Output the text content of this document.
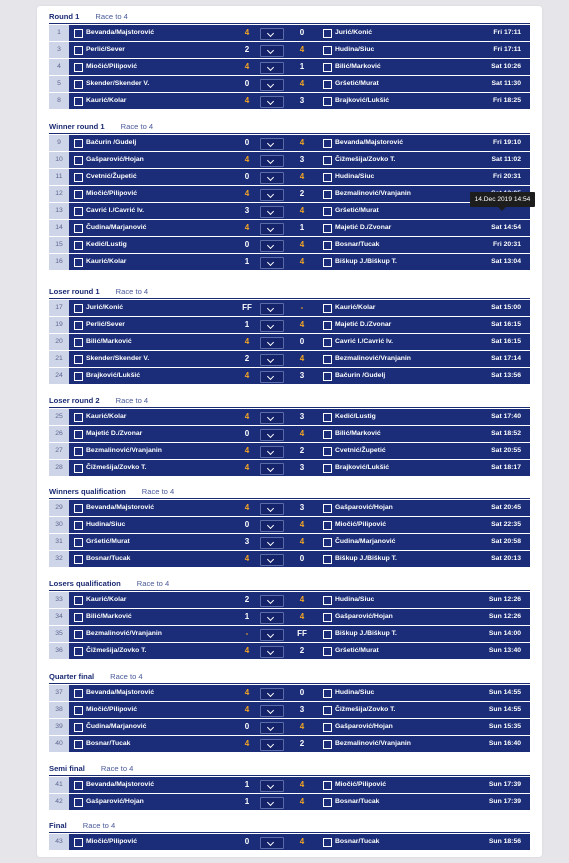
Round 1 Race to 4
1	Bevanda/Majstorović	4	0	Jurić/Konić	Fri 17:11
3	Perlić/Sever	2	4	Hudina/Siuc	Fri 17:11
4	Miočić/Pilipović	4	1	Bilić/Marković	Sat 10:26
5	Skender/Skender V.	0	4	Gršetić/Murat	Sat 11:30
8	Kaurić/Kolar	4	3	Brajković/Lukšić	Fri 18:25
Winner round 1 Race to 4
9	Bačurin /Gudelj	0	4	Bevanda/Majstorović	Fri 19:10
10	Gašparović/Hojan	4	3	Čižmešija/Zovko T.	Sat 11:02
11	Cvetnić/Župetić	0	4	Hudina/Siuc	Fri 20:31
12	Miočić/Pilipović	4	2	Bezmalinović/Vranjanin
13	Cavrić I./Cavrić Iv.	3	4	Gršetić/Murat
14	Čudina/Marjanović	4	1	Majetić D./Zvonar	Sat 14:54
15	Kedić/Lustig	0	4	Bosnar/Tucak	Fri 20:31
16	Kaurić/Kolar	1	4	Biškup J./Biškup T.	Sat 13:04
Loser round 1 Race to 4
17	Jurić/Konić	FF	-	Kaurić/Kolar	Sat 15:00
19	Perlić/Sever	1	4	Majetić D./Zvonar	Sat 16:15
20	Bilić/Marković	4	0	Cavrić I./Cavrić Iv.	Sat 16:15
21	Skender/Skender V.	2	4	Bezmalinović/Vranjanin	Sat 17:14
24	Brajković/Lukšić	4	3	Bačurin /Gudelj	Sat 13:56
Loser round 2 Race to 4
25	Kaurić/Kolar	4	3	Kedić/Lustig	Sat 17:40
26	Majetić D./Zvonar	0	4	Bilić/Marković	Sat 18:52
27	Bezmalinović/Vranjanin	4	2	Cvetnić/Župetić	Sat 20:55
28	Čižmešija/Zovko T.	4	3	Brajković/Lukšić	Sat 18:17
Winners qualification Race to 4
29	Bevanda/Majstorović	4	3	Gašparović/Hojan	Sat 20:45
30	Hudina/Siuc	0	4	Miočić/Pilipović	Sat 22:35
31	Gršetić/Murat	3	4	Čudina/Marjanović	Sat 20:58
32	Bosnar/Tucak	4	0	Biškup J./Biškup T.	Sat 20:13
Losers qualification Race to 4
33	Kaurić/Kolar	2	4	Hudina/Siuc	Sun 12:26
34	Bilić/Marković	1	4	Gašparović/Hojan	Sun 12:26
35	Bezmalinović/Vranjanin	-	FF	Biškup J./Biškup T.	Sun 14:00
36	Čižmešija/Zovko T.	4	2	Gršetić/Murat	Sun 13:40
Quarter final Race to 4
37	Bevanda/Majstorović	4	0	Hudina/Siuc	Sun 14:55
38	Miočić/Pilipović	4	3	Čižmešija/Zovko T.	Sun 14:55
39	Čudina/Marjanović	0	4	Gašparović/Hojan	Sun 15:35
40	Bosnar/Tucak	4	2	Bezmalinović/Vranjanin	Sun 16:40
Semi final Race to 4
41	Bevanda/Majstorović	1	4	Miočić/Pilipović	Sun 17:39
42	Gašparović/Hojan	1	4	Bosnar/Tucak	Sun 17:39
Final Race to 4
43	Miočić/Pilipović	0	4	Bosnar/Tucak	Sun 18:56
14.Dec 2019 14:54
